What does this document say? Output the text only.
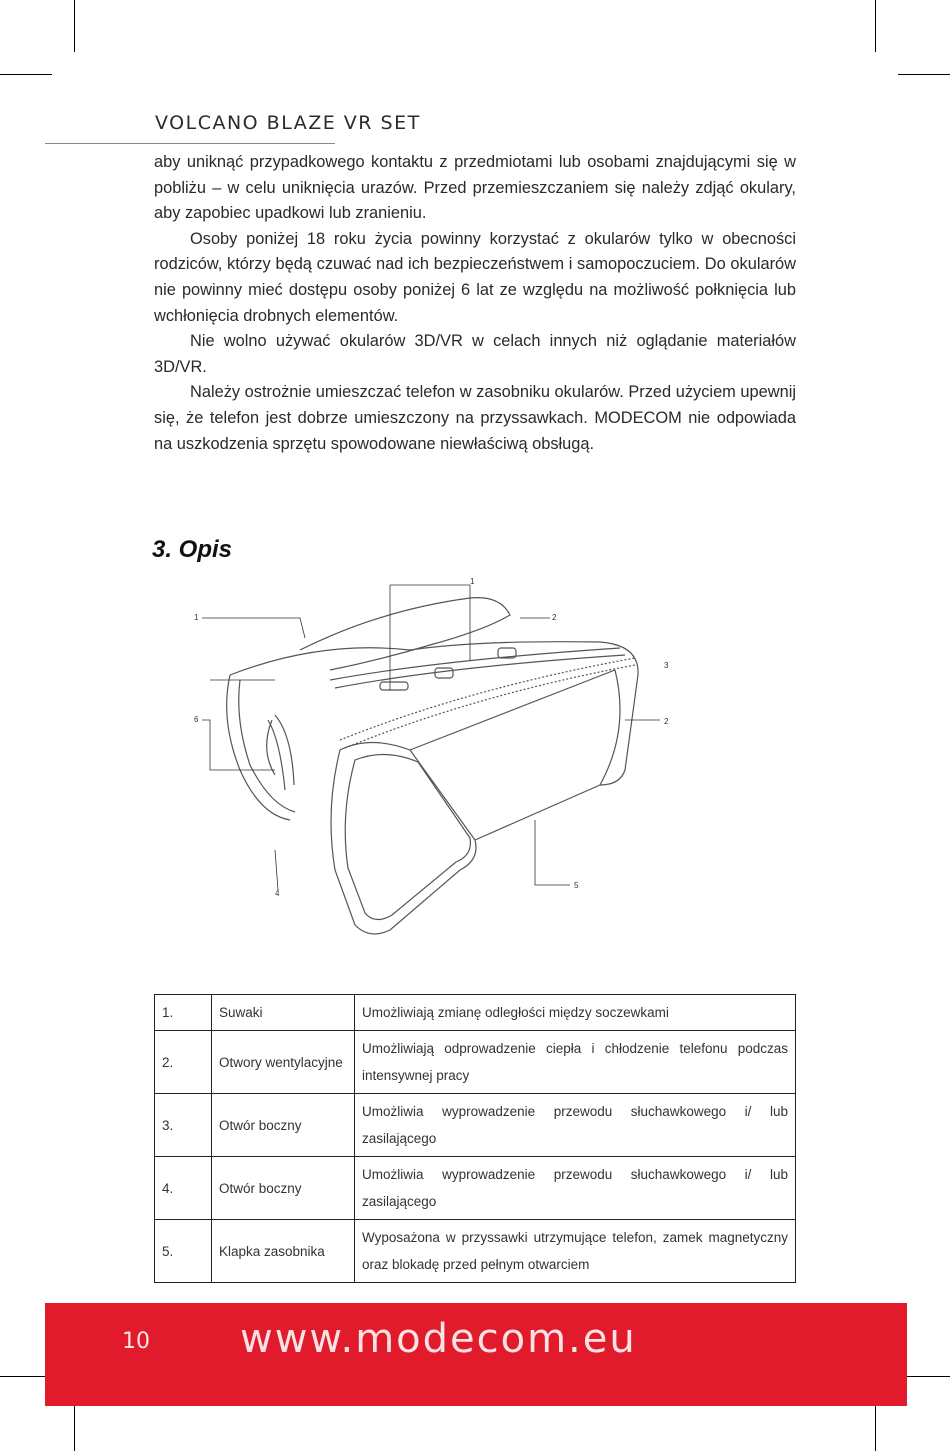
VOLCANO BLAZE VR SET

aby uniknąć przypadkowego kontaktu z przedmiotami lub osobami znajdującymi się w pobliżu – w celu uniknięcia urazów. Przed przemieszczaniem się należy zdjąć okulary, aby zapobiec upadkowi lub zranieniu.

Osoby poniżej 18 roku życia powinny korzystać z okularów tylko w obecności rodziców, którzy będą czuwać nad ich bezpieczeństwem i samopoczuciem. Do okularów nie powinny mieć dostępu osoby poniżej 6 lat ze względu na możliwość połknięcia lub wchłonięcia drobnych elementów.

Nie wolno używać okularów 3D/VR w celach innych niż oglądanie materiałów 3D/VR.

Należy ostrożnie umieszczać telefon w zasobniku okularów. Przed użyciem upewnij się, że telefon jest dobrze umieszczony na przyssawkach. MODECOM nie odpowiada na uszkodzenia sprzętu spowodowane niewłaściwą obsługą.

3. Opis
1
2
3
4
5
6
1
2
1.	Suwaki	Umożliwiają zmianę odległości między soczewkami
2.	Otwory wentylacyjne	Umożliwiają odprowadzenie ciepła i chłodzenie telefonu podczas intensywnej pracy
3.	Otwór boczny	Umożliwia wyprowadzenie przewodu słuchawkowego i/ lub zasilającego
4.	Otwór boczny	Umożliwia wyprowadzenie przewodu słuchawkowego i/ lub zasilającego
5.	Klapka zasobnika	Wyposażona w przyssawki utrzymujące telefon, zamek magnetyczny oraz blokadę przed pełnym otwarciem
10 www.modecom.eu
